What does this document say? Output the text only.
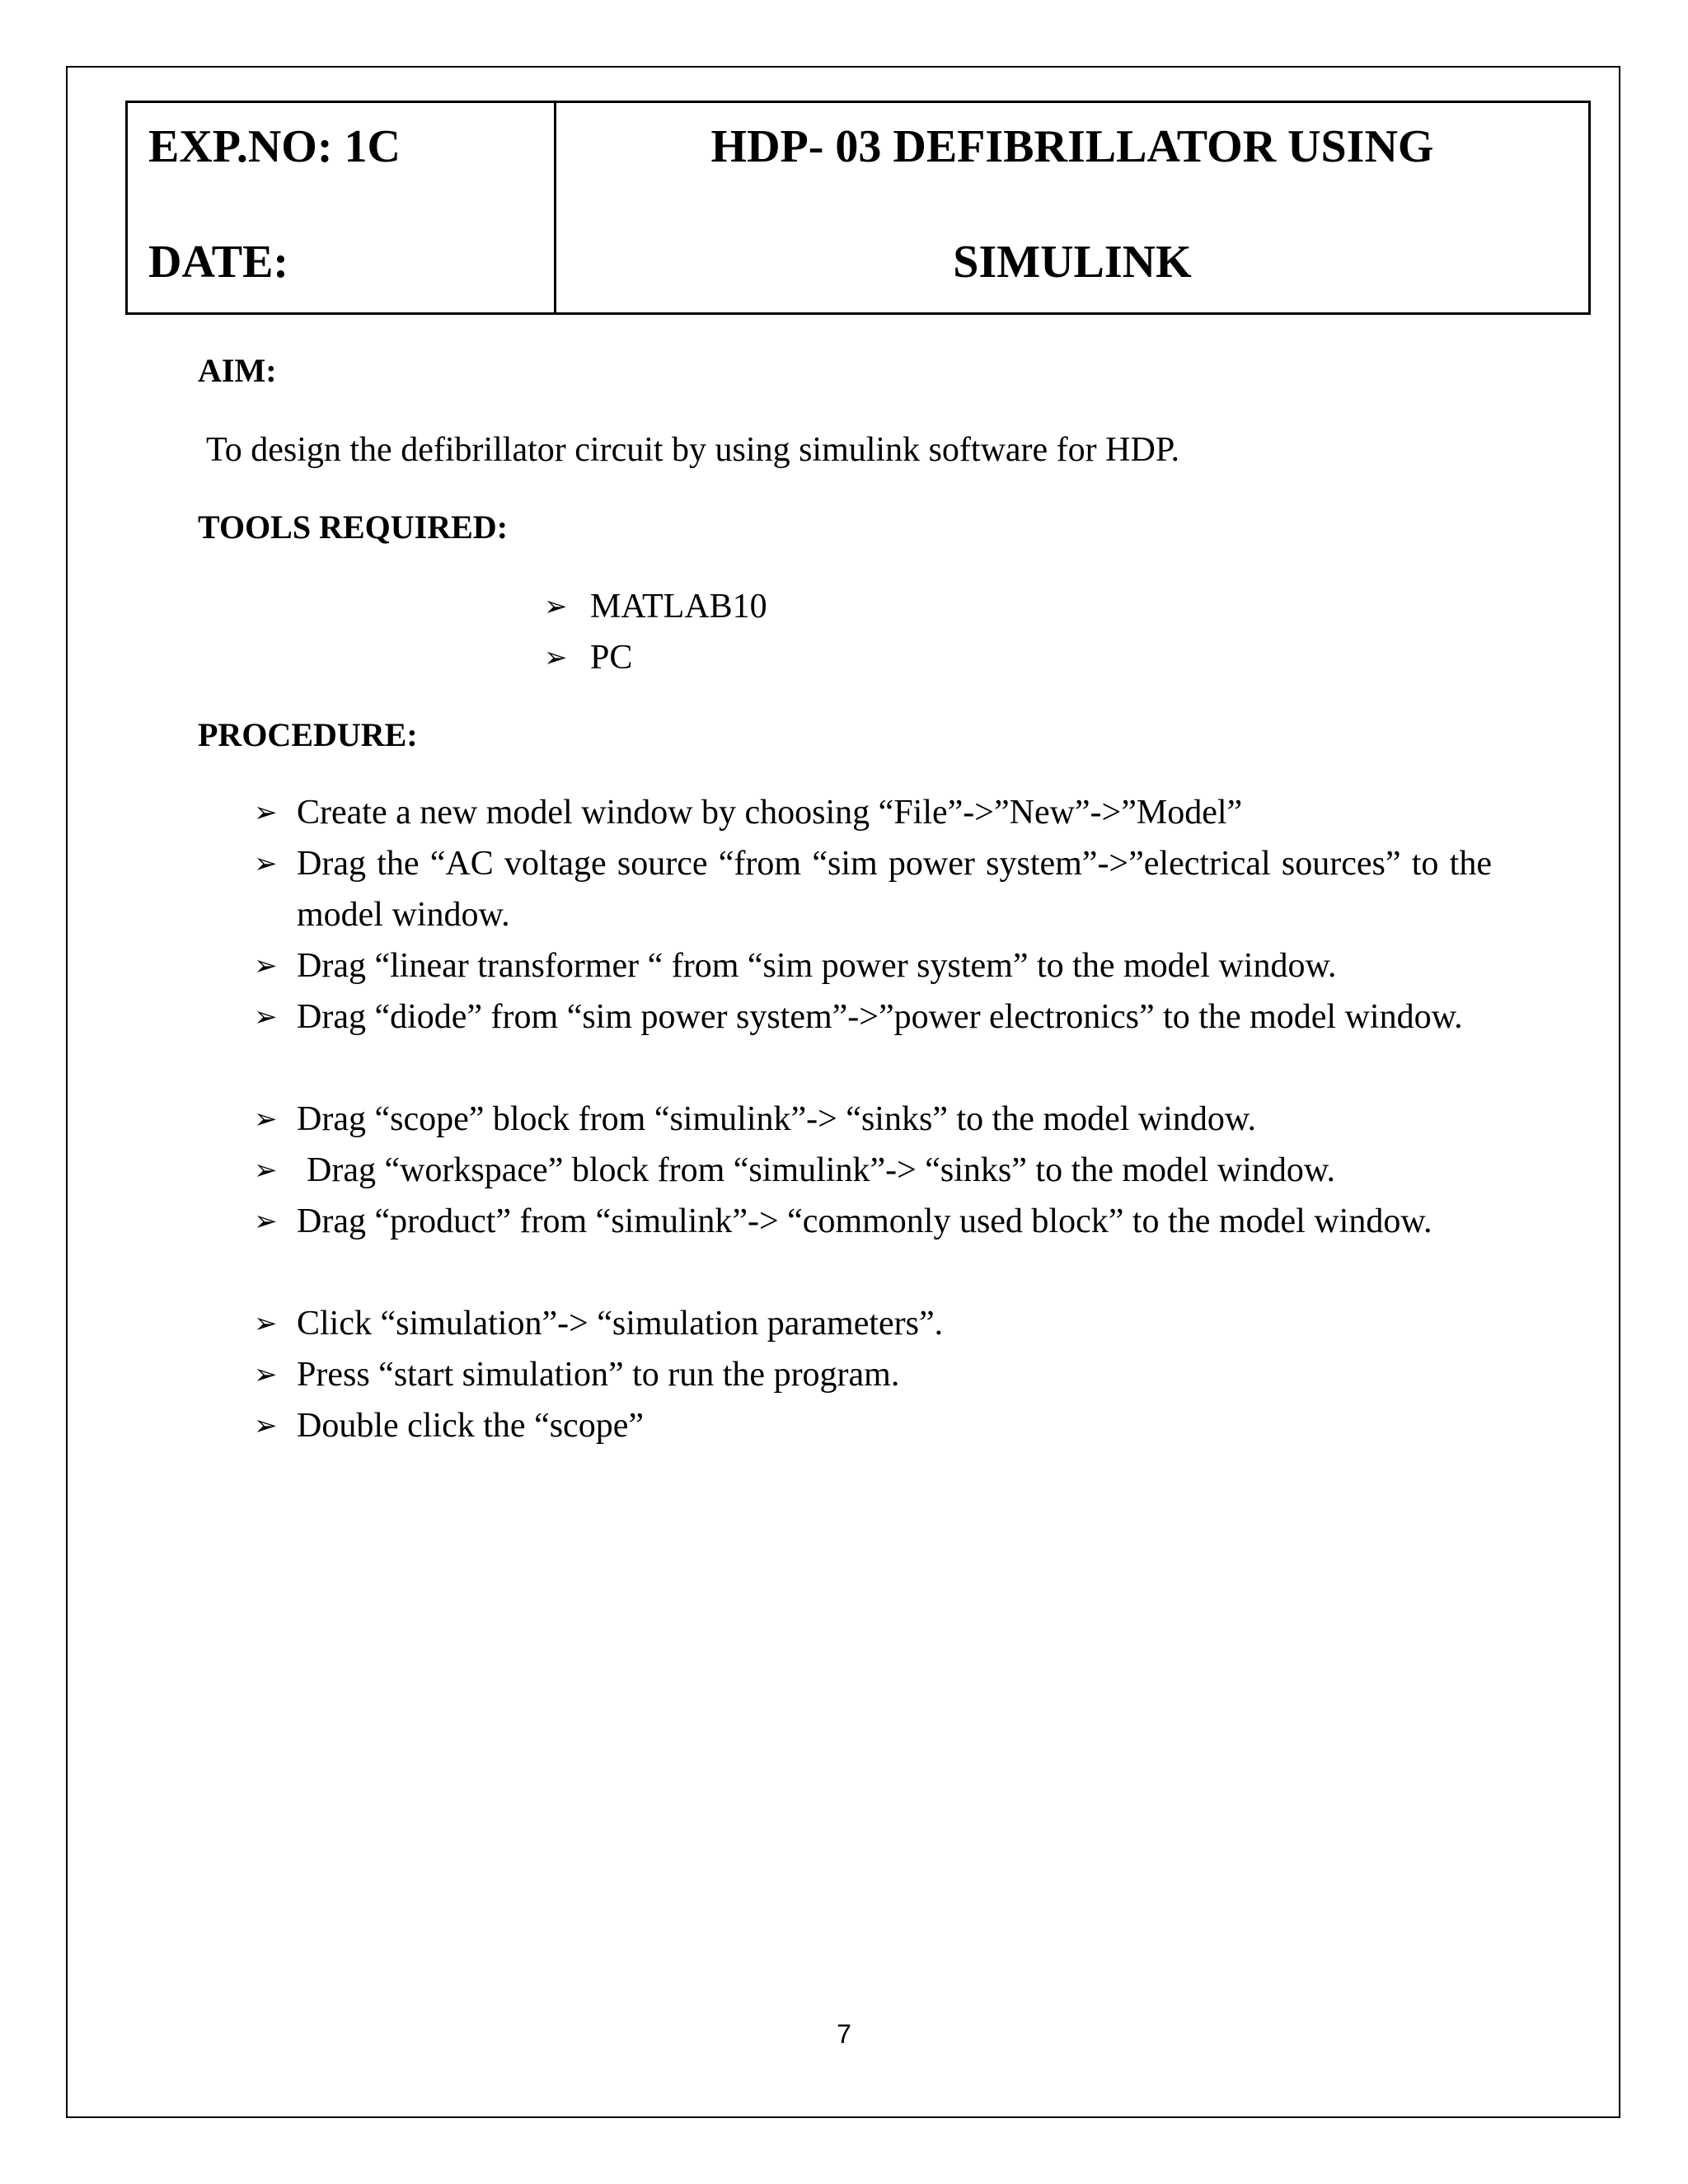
EXP.NO: 1C
DATE:
HDP- 03 DEFIBRILLATOR USING
SIMULINK
AIM:
To design the defibrillator circuit by using simulink software for HDP.
TOOLS REQUIRED:
➢ MATLAB10
➢ PC
PROCEDURE:
➢ Create a new model window by choosing “File”->”New”->”Model”
➢ Drag the “AC voltage source “from “sim power system”->”electrical sources” to the model window.
➢ Drag “linear transformer “ from “sim power system” to the model window.
➢ Drag “diode” from “sim power system”->”power electronics” to the model window.
➢ Drag “scope” block from “simulink”-> “sinks” to the model window.
➢ Drag “workspace” block from “simulink”-> “sinks” to the model window.
➢ Drag “product” from “simulink”-> “commonly used block” to the model window.
➢ Click “simulation”-> “simulation parameters”.
➢ Press “start simulation” to run the program.
➢ Double click the “scope”
7
